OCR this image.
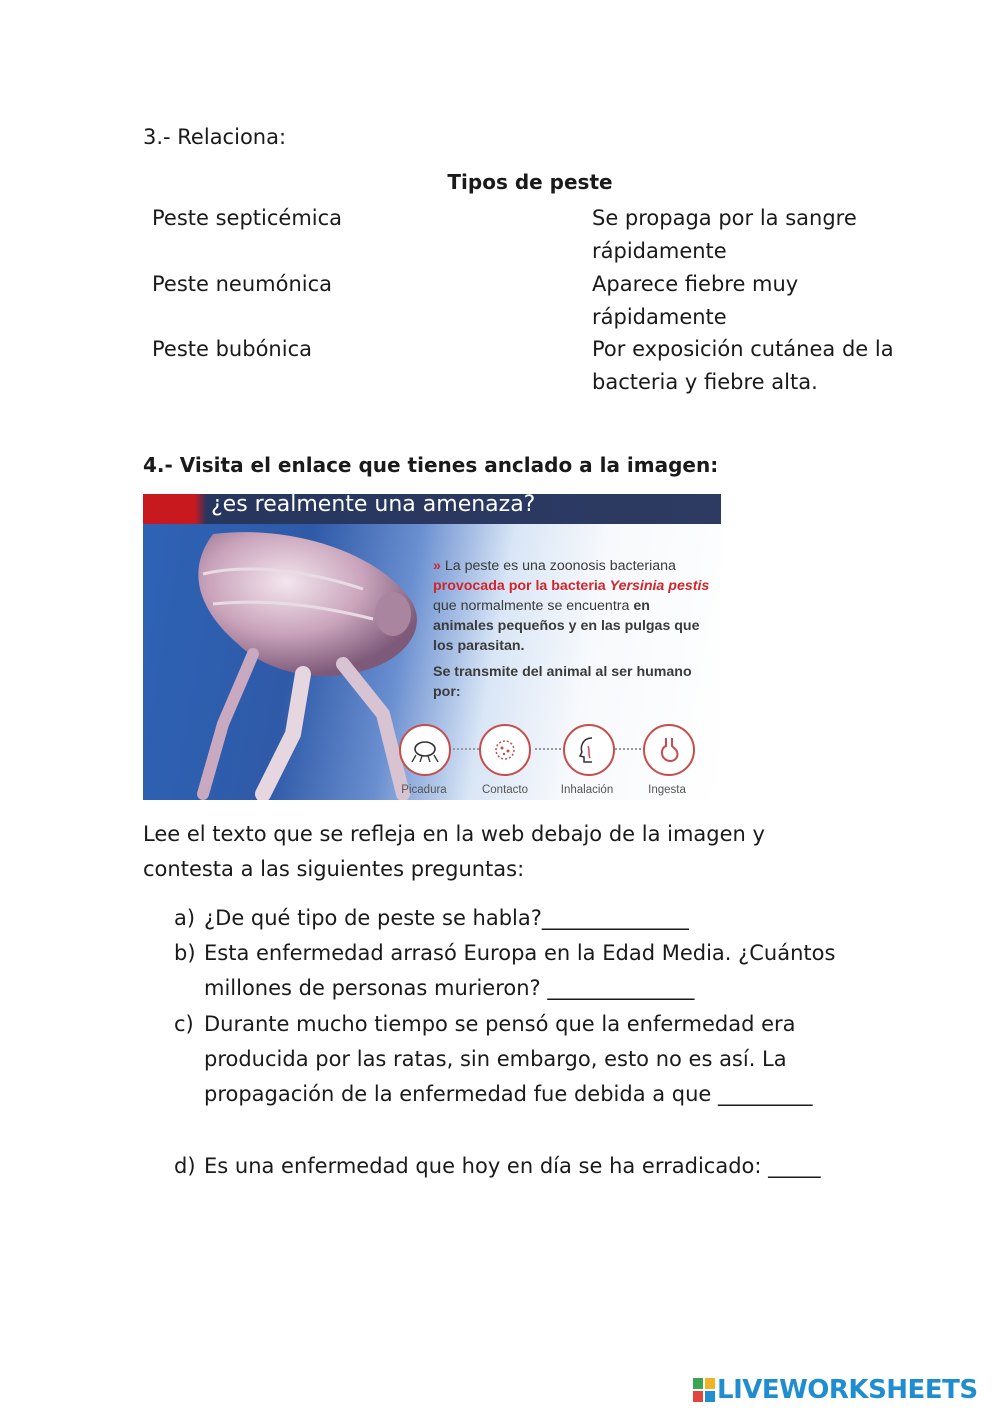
3.- Relaciona:
Tipos de peste
Peste septicémica	Se propaga por la sangre rápidamente
Peste neumónica	Aparece fiebre muy rápidamente
Peste bubónica	Por exposición cutánea de la bacteria y fiebre alta.
4.- Visita el enlace que tienes anclado a la imagen:
¿es realmente una amenaza?
» La peste es una zoonosis bacteriana provocada por la bacteria Yersinia pestis que normalmente se encuentra en animales pequeños y en las pulgas que los parasitan.
Se transmite del animal al ser humano por:
Picadura	Contacto	Inhalación	Ingesta
Lee el texto que se refleja en la web debajo de la imagen y contesta a las siguientes preguntas:
a) ¿De qué tipo de peste se habla?______________
b) Esta enfermedad arrasó Europa en la Edad Media. ¿Cuántos millones de personas murieron? ______________
c) Durante mucho tiempo se pensó que la enfermedad era producida por las ratas, sin embargo, esto no es así. La propagación de la enfermedad fue debida a que _________
d) Es una enfermedad que hoy en día se ha erradicado: _____
LIVEWORKSHEETS
